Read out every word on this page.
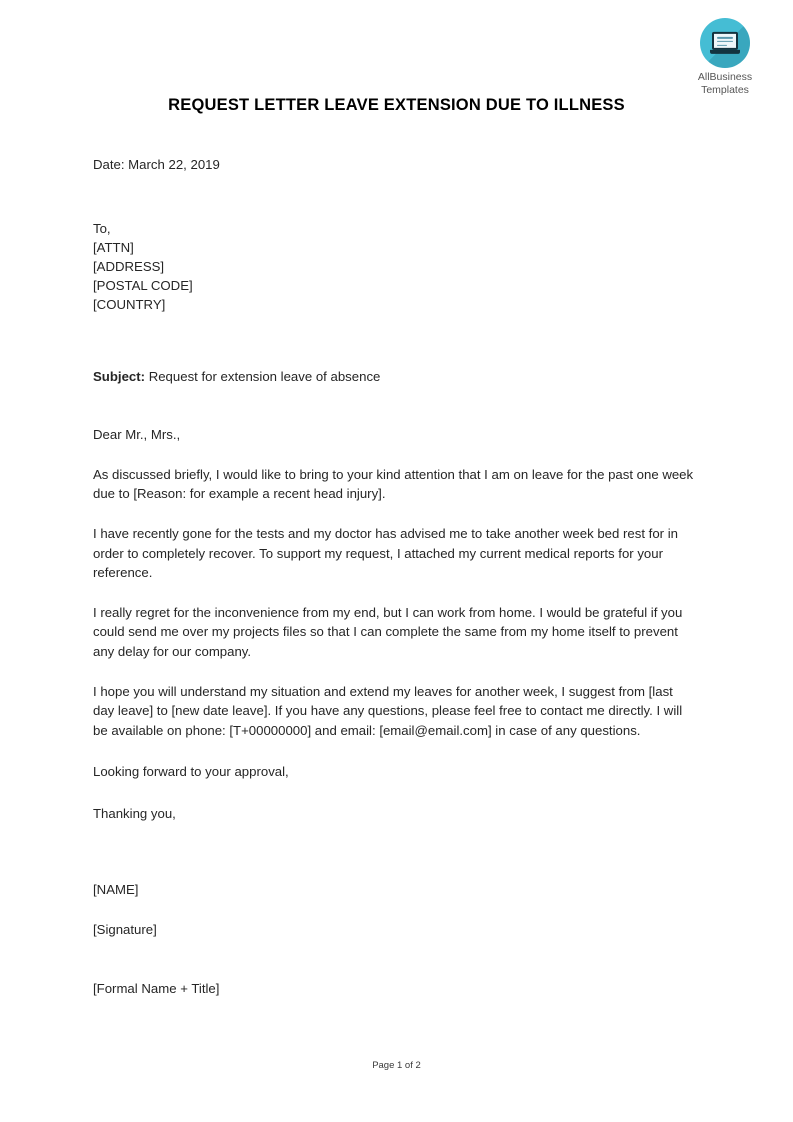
AllBusiness
Templates
REQUEST LETTER LEAVE EXTENSION DUE TO ILLNESS
Date: March 22, 2019
To,
[ATTN]
[ADDRESS]
[POSTAL CODE]
[COUNTRY]
Subject: Request for extension leave of absence
Dear Mr., Mrs.,
As discussed briefly, I would like to bring to your kind attention that I am on leave for the past one week due to [Reason: for example a recent head injury].
I have recently gone for the tests and my doctor has advised me to take another week bed rest for in order to completely recover. To support my request, I attached my current medical reports for your reference.
I really regret for the inconvenience from my end, but I can work from home. I would be grateful if you could send me over my projects files so that I can complete the same from my home itself to prevent any delay for our company.
I hope you will understand my situation and extend my leaves for another week, I suggest from [last day leave] to [new date leave]. If you have any questions, please feel free to contact me directly. I will be available on phone: [T+00000000] and email: [email@email.com] in case of any questions.
Looking forward to your approval,
Thanking you,
[NAME]
[Signature]
[Formal Name + Title]
Page 1 of 2
